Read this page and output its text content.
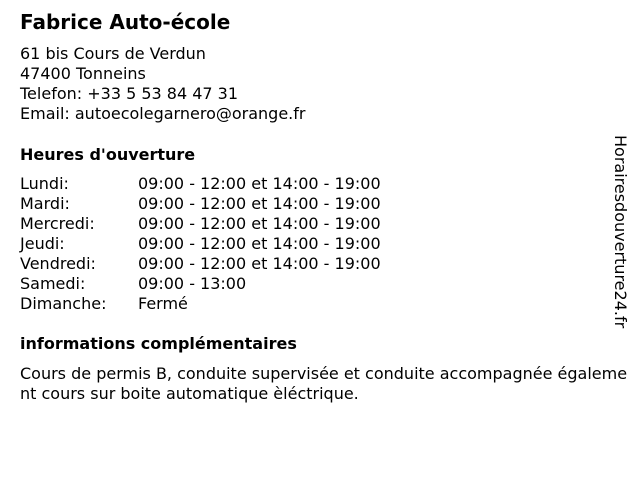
Fabrice Auto-école
61 bis Cours de Verdun
47400 Tonneins
Telefon: +33 5 53 84 47 31
Email: autoecolegarnero@orange.fr
Heures d'ouverture
Lundi:	09:00 - 12:00 et 14:00 - 19:00
Mardi:	09:00 - 12:00 et 14:00 - 19:00
Mercredi:	09:00 - 12:00 et 14:00 - 19:00
Jeudi:	09:00 - 12:00 et 14:00 - 19:00
Vendredi:	09:00 - 12:00 et 14:00 - 19:00
Samedi:	09:00 - 13:00
Dimanche: Fermé
informations complémentaires
Cours de permis B, conduite supervisée et conduite accompagnée également cours sur boite automatique èléctrique.
Horairesdouverture24.fr
